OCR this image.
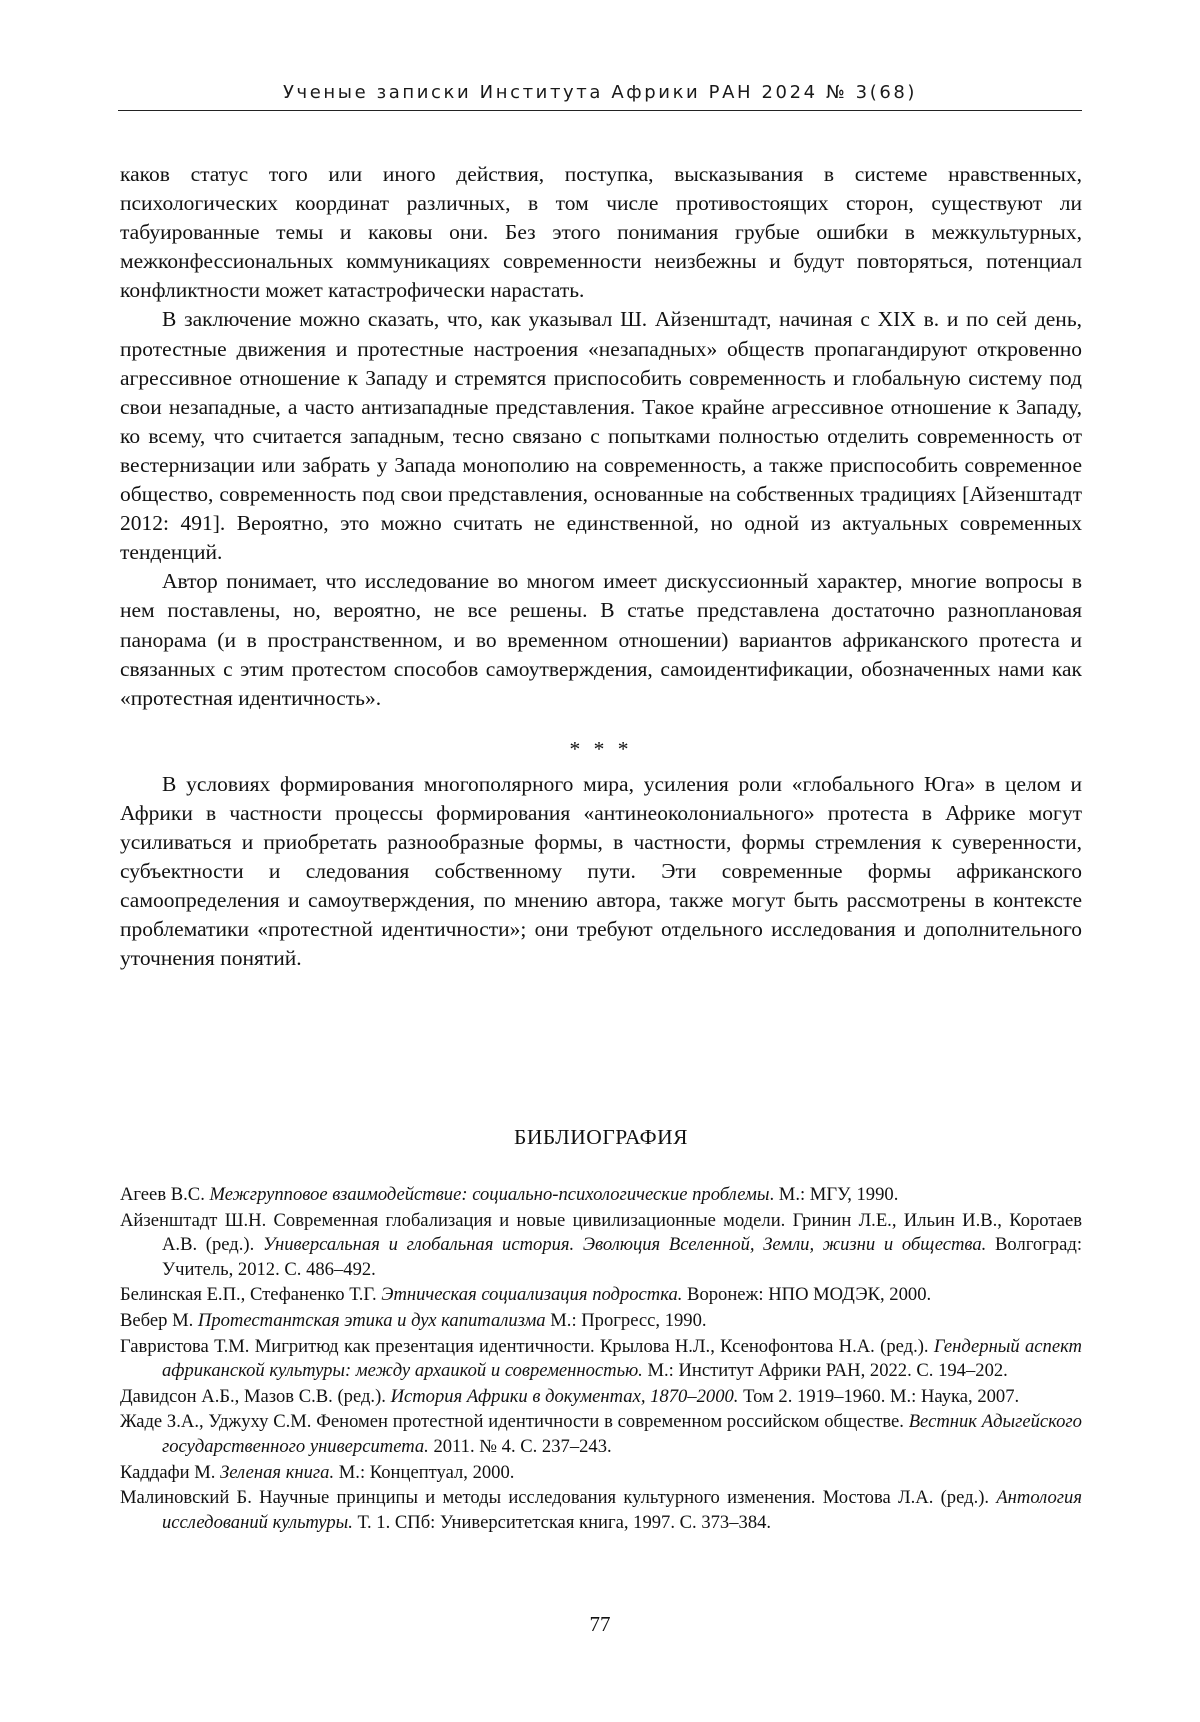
Ученые записки Института Африки РАН 2024 № 3(68)

каков статус того или иного действия, поступка, высказывания в системе нравственных, психологических координат различных, в том числе противостоящих сторон, существуют ли табуированные темы и каковы они. Без этого понимания грубые ошибки в межкультурных, межконфессиональных коммуникациях современности неизбежны и будут повторяться, потенциал конфликтности может катастрофически нарастать.

В заключение можно сказать, что, как указывал Ш. Айзенштадт, начиная с XIX в. и по сей день, протестные движения и протестные настроения «незападных» обществ пропагандируют откровенно агрессивное отношение к Западу и стремятся приспособить современность и глобальную систему под свои незападные, а часто антизападные представления. Такое крайне агрессивное отношение к Западу, ко всему, что считается западным, тесно связано с попытками полностью отделить современность от вестернизации или забрать у Запада монополию на современность, а также приспособить современное общество, современность под свои представления, основанные на собственных традициях [Айзенштадт 2012: 491]. Вероятно, это можно считать не единственной, но одной из актуальных современных тенденций.

Автор понимает, что исследование во многом имеет дискуссионный характер, многие вопросы в нем поставлены, но, вероятно, не все решены. В статье представлена достаточно разноплановая панорама (и в пространственном, и во временном отношении) вариантов африканского протеста и связанных с этим протестом способов самоутверждения, самоидентификации, обозначенных нами как «протестная идентичность».

* * *

В условиях формирования многополярного мира, усиления роли «глобального Юга» в целом и Африки в частности процессы формирования «антинеоколониального» протеста в Африке могут усиливаться и приобретать разнообразные формы, в частности, формы стремления к суверенности, субъектности и следования собственному пути. Эти современные формы африканского самоопределения и самоутверждения, по мнению автора, также могут быть рассмотрены в контексте проблематики «протестной идентичности»; они требуют отдельного исследования и дополнительного уточнения понятий.

БИБЛИОГРАФИЯ
Агеев В.С. Межгрупповое взаимодействие: социально-психологические проблемы. М.: МГУ, 1990.
Айзенштадт Ш.Н. Современная глобализация и новые цивилизационные модели. Гринин Л.Е., Ильин И.В., Коротаев А.В. (ред.). Универсальная и глобальная история. Эволюция Вселенной, Земли, жизни и общества. Волгоград: Учитель, 2012. С. 486–492.
Белинская Е.П., Стефаненко Т.Г. Этническая социализация подростка. Воронеж: НПО МОДЭК, 2000.
Вебер М. Протестантская этика и дух капитализма М.: Прогресс, 1990.
Гавристова Т.М. Мигритюд как презентация идентичности. Крылова Н.Л., Ксенофонтова Н.А. (ред.). Гендерный аспект африканской культуры: между архаикой и современностью. М.: Институт Африки РАН, 2022. С. 194–202.
Давидсон А.Б., Мазов С.В. (ред.). История Африки в документах, 1870–2000. Том 2. 1919–1960. М.: Наука, 2007.
Жаде З.А., Уджуху С.М. Феномен протестной идентичности в современном российском обществе. Вестник Адыгейского государственного университета. 2011. № 4. С. 237–243.
Каддафи М. Зеленая книга. М.: Концептуал, 2000.
Малиновский Б. Научные принципы и методы исследования культурного изменения. Мостова Л.А. (ред.). Антология исследований культуры. Т. 1. СПб: Университетская книга, 1997. С. 373–384.
77
